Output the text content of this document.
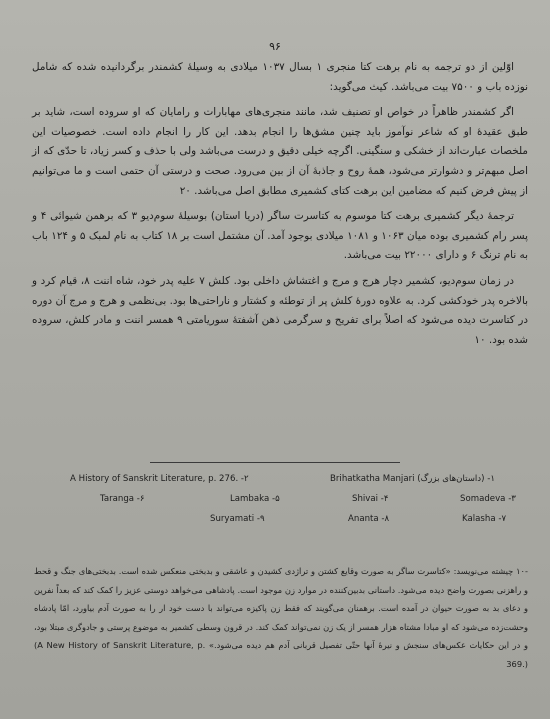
۹۶

اوّلین از دو ترجمه به نام برهت کتا منجری ۱ بسال ۱۰۳۷ میلادی به وسیلهٔ کشمندر برگردانیده شده که شامل نوزده باب و ۷۵۰۰ بیت می‌باشد. کیث می‌گوید:

اگر کشمندر ظاهراً در خواص او تصنیف شد، مانند منجری‌های مهابارات و رامایان که او سروده است، شاید بر طبق عقیدهٔ او که شاعر نوآموز باید چنین مشق‌ها را انجام بدهد. این کار را انجام داده است. خصوصیات این ملخصات عبارت‌اند از خشکی و سنگینی. اگرچه خیلی دقیق و درست می‌باشد ولی با حذف و کسر زیاد، تا حدّی که از اصل مبهم‌تر و دشوارتر می‌شود، همهٔ روح و جاذبهٔ آن از بین می‌رود. صحت و درستی آن حتمی است و ما می‌توانیم از پیش فرض کنیم که مضامین این برهت کتای کشمیری مطابق اصل می‌باشد. ۲۰

ترجمهٔ دیگر کشمیری برهت کتا موسوم به کتاسرت ساگر (دریا استان) بوسیلهٔ سوم‌دیو ۳ که برهمن شیوائی ۴ و پسر رام کشمیری بوده میان ۱۰۶۳ و ۱۰۸۱ میلادی بوجود آمد. آن مشتمل است بر ۱۸ کتاب به نام لمبک ۵ و ۱۲۴ باب به نام ترنگ ۶ و دارای ۲۲۰۰۰ بیت می‌باشد.

در زمان سوم‌دیو، کشمیر دچار هرج و مرج و اغتشاش داخلی بود. کلش ۷ علیه پدر خود، شاه اننت ۸، قیام کرد و بالاخره پدر خودکشی کرد. به علاوه دورهٔ کلش پر از توطئه و کشتار و ناراحتی‌ها بود. بی‌نظمی و هرج و مرج آن دوره در کتاسرت دیده می‌شود که اصلاً برای تفریح و سرگرمی ذهن آشفتهٔ سوریامتی ۹ همسر اننت و مادر کلش، سروده شده بود. ۱۰

A History of Sanskrit Literature, p. 276. -۲	Brihatkatha Manjari (داستان‌های بزرگ) -۱
Taranga -۶	Lambaka -۵	Shivai -۴	Somadeva -۳
Suryamati -۹	Ananta -۸	Kalasha -۷
-۱۰ چیشته می‌نویسد: «کتاسرت ساگر به صورت وقایع کشتن و تراژدی کشیدن و عاشقی و بدبختی منعکس شده است. بدبختی‌های جنگ و قحط و راهزنی بصورت واضح دیده می‌شود. داستانی بدبین‌کننده در موارد زن موجود است. پادشاهی می‌خواهد دوستی عزیز را کمک کند که بعداً نفرین و دعای بد به صورت حیوان در آمده است. برهمنان می‌گویند که فقط زن پاکیزه می‌تواند با دست خود ار را به صورت آدم بیاورد، امّا پادشاه وحشت‌زده می‌شود که او مبادا مشتاه هزار همسر از یک زن نمی‌تواند کمک کند. در قرون وسطی کشمیر به موضوع پرستی و جادوگری مبتلا بود، و در این حکایات عکس‌های سنجش و نیرهٔ آنها حتّی تفصیل قربانی آدم هم دیده می‌شود.» (A New History of Sanskrit Literature, p. 369.)
